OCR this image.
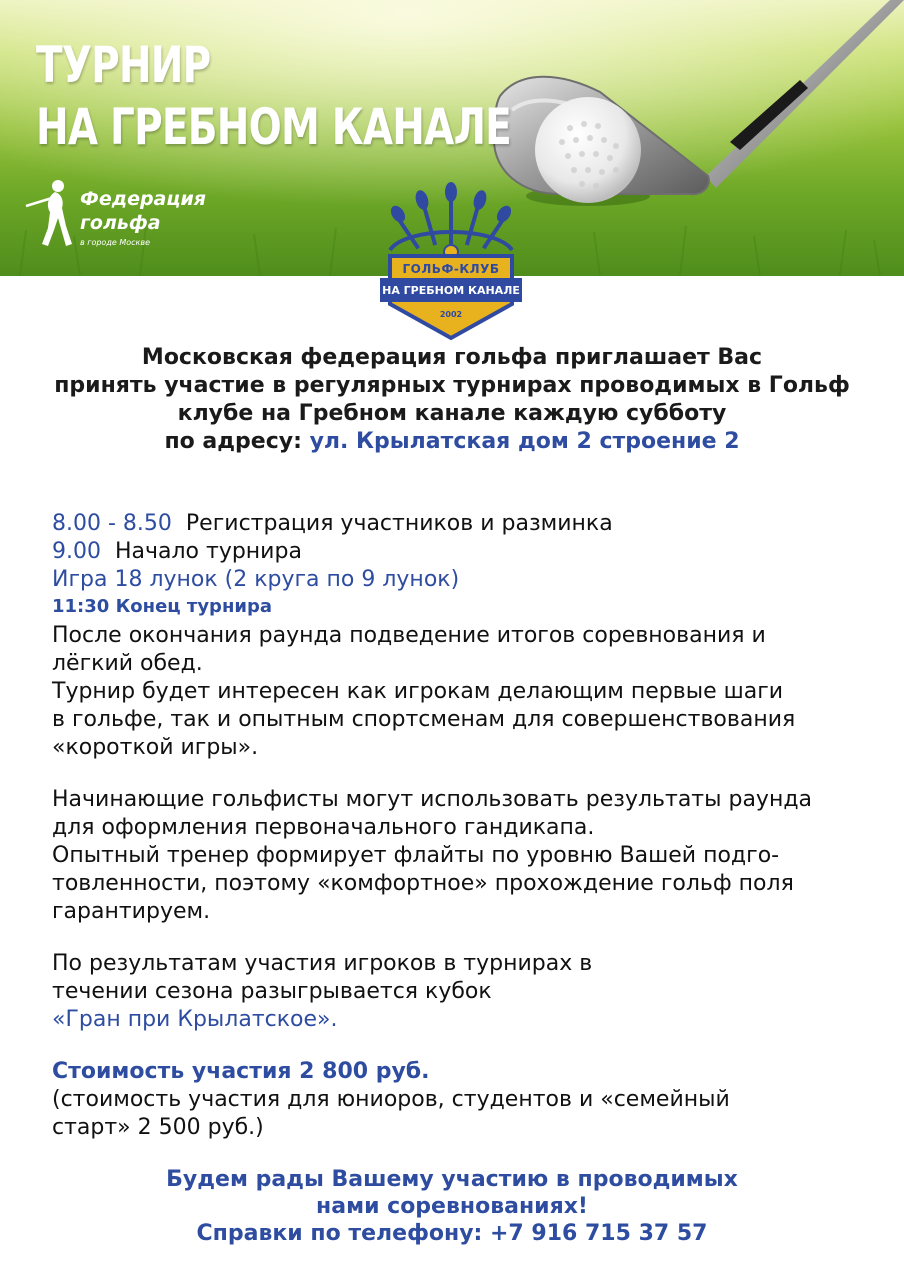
ТУРНИР
НА ГРЕБНОМ КАНАЛЕ
Федерация
гольфа
в городе Москве
ГОЛЬФ-КЛУБ
НА ГРЕБНОМ КАНАЛЕ
2002
Московская федерация гольфа приглашает Вас
принять участие в регулярных турнирах проводимых в Гольф
клубе на Гребном канале каждую субботу
по адресу: ул. Крылатская дом 2 строение 2
8.00 - 8.50 Регистрация участников и разминка
9.00 Начало турнира
Игра 18 лунок (2 круга по 9 лунок)
11:30 Конец турнира
После окончания раунда подведение итогов соревнования и
лёгкий обед.
Турнир будет интересен как игрокам делающим первые шаги
в гольфе, так и опытным спортсменам для совершенствования
«короткой игры».
Начинающие гольфисты могут использовать результаты раунда
для оформления первоначального гандикапа.
Опытный тренер формирует флайты по уровню Вашей подго-
товленности, поэтому «комфортное» прохождение гольф поля
гарантируем.
По результатам участия игроков в турнирах в
течении сезона разыгрывается кубок
«Гран при Крылатское».
Стоимость участия 2 800 руб.
(стоимость участия для юниоров, студентов и «семейный
старт» 2 500 руб.)
Будем рады Вашему участию в проводимых
нами соревнованиях!
Справки по телефону: +7 916 715 37 57
